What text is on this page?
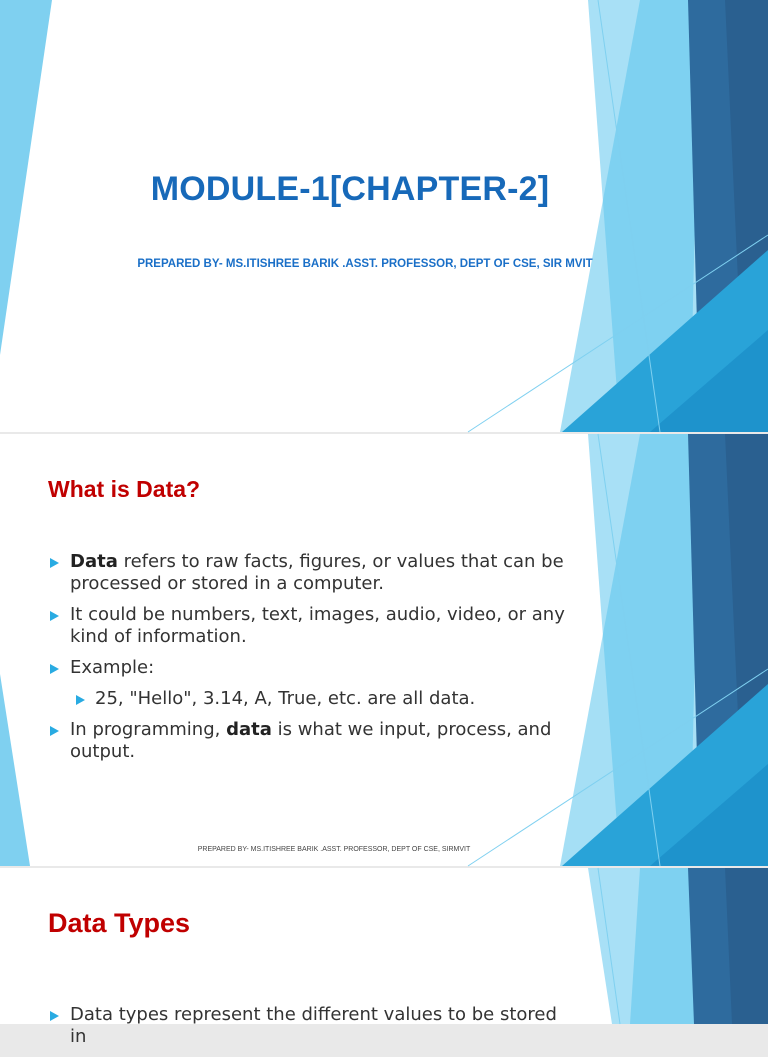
MODULE-1[CHAPTER-2]
PREPARED BY- MS.ITISHREE BARIK .ASST. PROFESSOR, DEPT OF CSE, SIR MVIT
What is Data?
Data refers to raw facts, figures, or values that can be processed or stored in a computer.
It could be numbers, text, images, audio, video, or any kind of information.
Example:
25, "Hello", 3.14, A, True, etc. are all data.
In programming, data is what we input, process, and output.
PREPARED BY- MS.ITISHREE BARIK .ASST. PROFESSOR, DEPT OF CSE, SIRMVIT
Data Types
Data types represent the different values to be stored in
